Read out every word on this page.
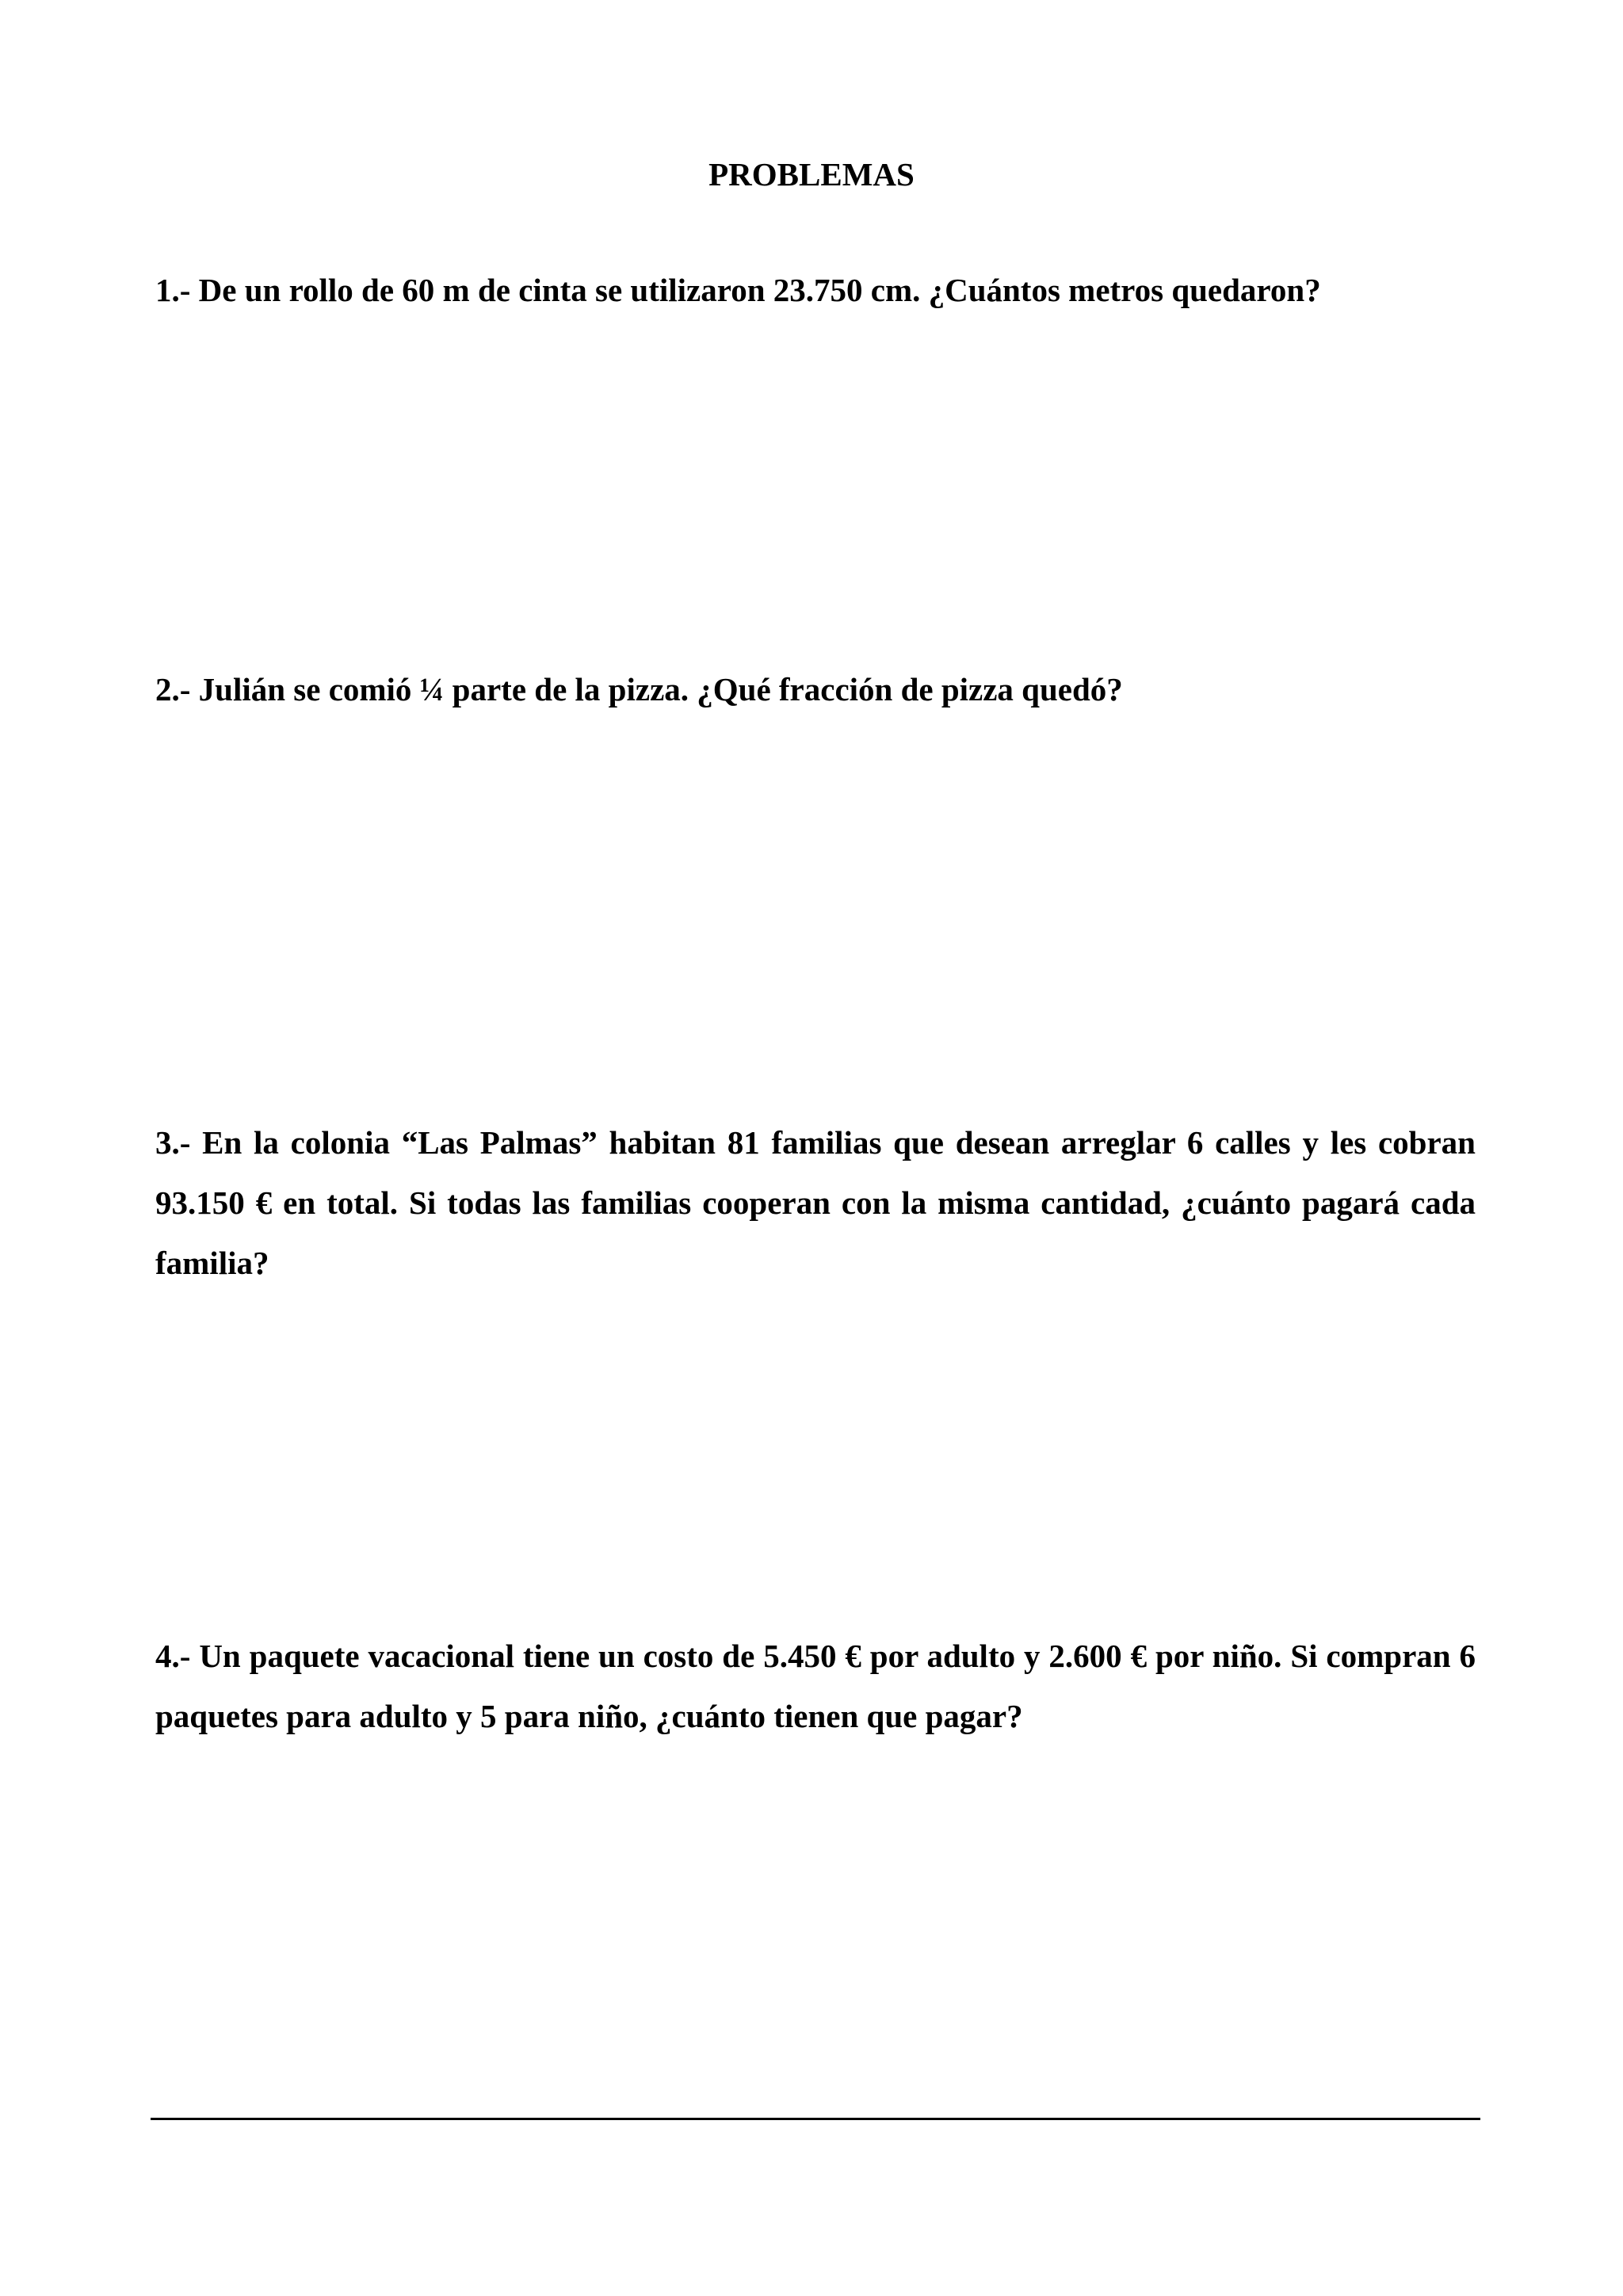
PROBLEMAS

1.- De un rollo de 60 m de cinta se utilizaron 23.750 cm. ¿Cuántos metros quedaron?

2.- Julián se comió ¼ parte de la pizza. ¿Qué fracción de pizza quedó?

3.- En la colonia “Las Palmas” habitan 81 familias que desean arreglar 6 calles y les cobran 93.150 € en total. Si todas las familias cooperan con la misma cantidad, ¿cuánto pagará cada familia?

4.- Un paquete vacacional tiene un costo de 5.450 € por adulto y 2.600 € por niño. Si compran 6 paquetes para adulto y 5 para niño, ¿cuánto tienen que pagar?
